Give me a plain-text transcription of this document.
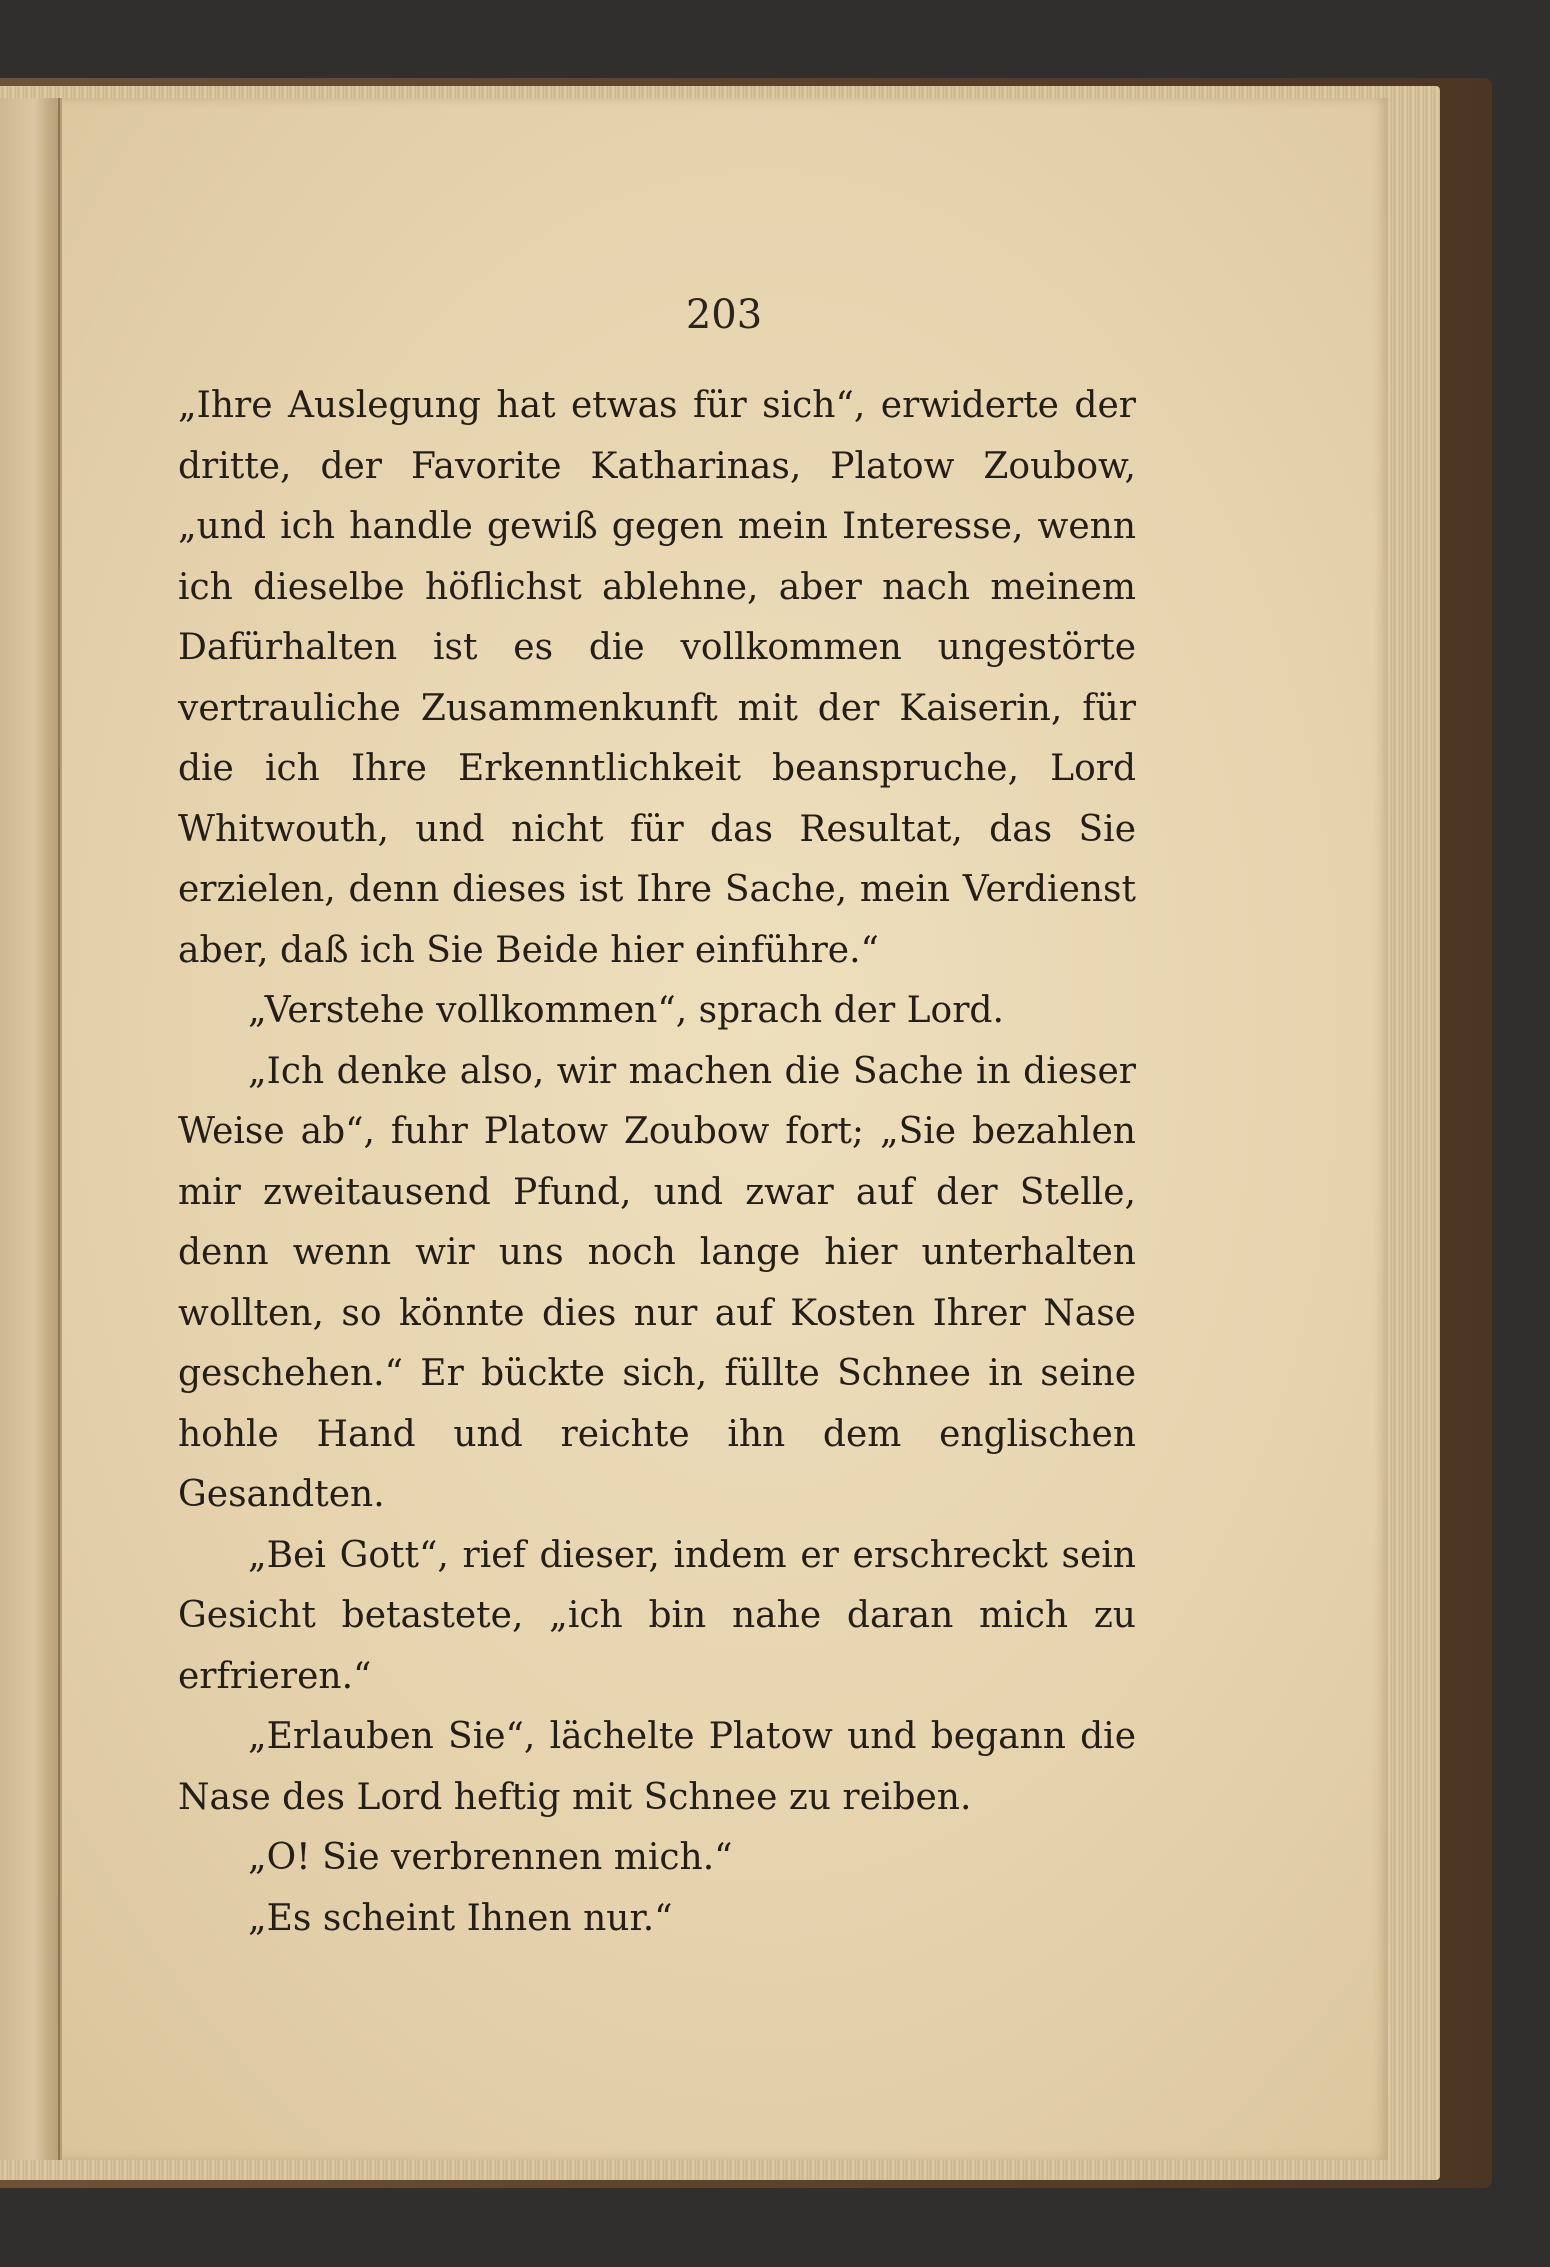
203

„Ihre Auslegung hat etwas für sich“, erwiderte der dritte, der Favorite Katharinas, Platow Zoubow, „und ich handle gewiß gegen mein Interesse, wenn ich dieselbe höflichst ablehne, aber nach meinem Dafürhalten ist es die vollkommen ungestörte vertrauliche Zusammenkunft mit der Kaiserin, für die ich Ihre Erkenntlichkeit beanspruche, Lord Whitwouth, und nicht für das Resultat, das Sie erzielen, denn dieses ist Ihre Sache, mein Verdienst aber, daß ich Sie Beide hier einführe.“

„Verstehe vollkommen“, sprach der Lord.

„Ich denke also, wir machen die Sache in dieser Weise ab“, fuhr Platow Zoubow fort; „Sie bezahlen mir zweitausend Pfund, und zwar auf der Stelle, denn wenn wir uns noch lange hier unterhalten wollten, so könnte dies nur auf Kosten Ihrer Nase geschehen.“ Er bückte sich, füllte Schnee in seine hohle Hand und reichte ihn dem englischen Gesandten.

„Bei Gott“, rief dieser, indem er erschreckt sein Gesicht betastete, „ich bin nahe daran mich zu erfrieren.“

„Erlauben Sie“, lächelte Platow und begann die Nase des Lord heftig mit Schnee zu reiben.

„O! Sie verbrennen mich.“

„Es scheint Ihnen nur.“
